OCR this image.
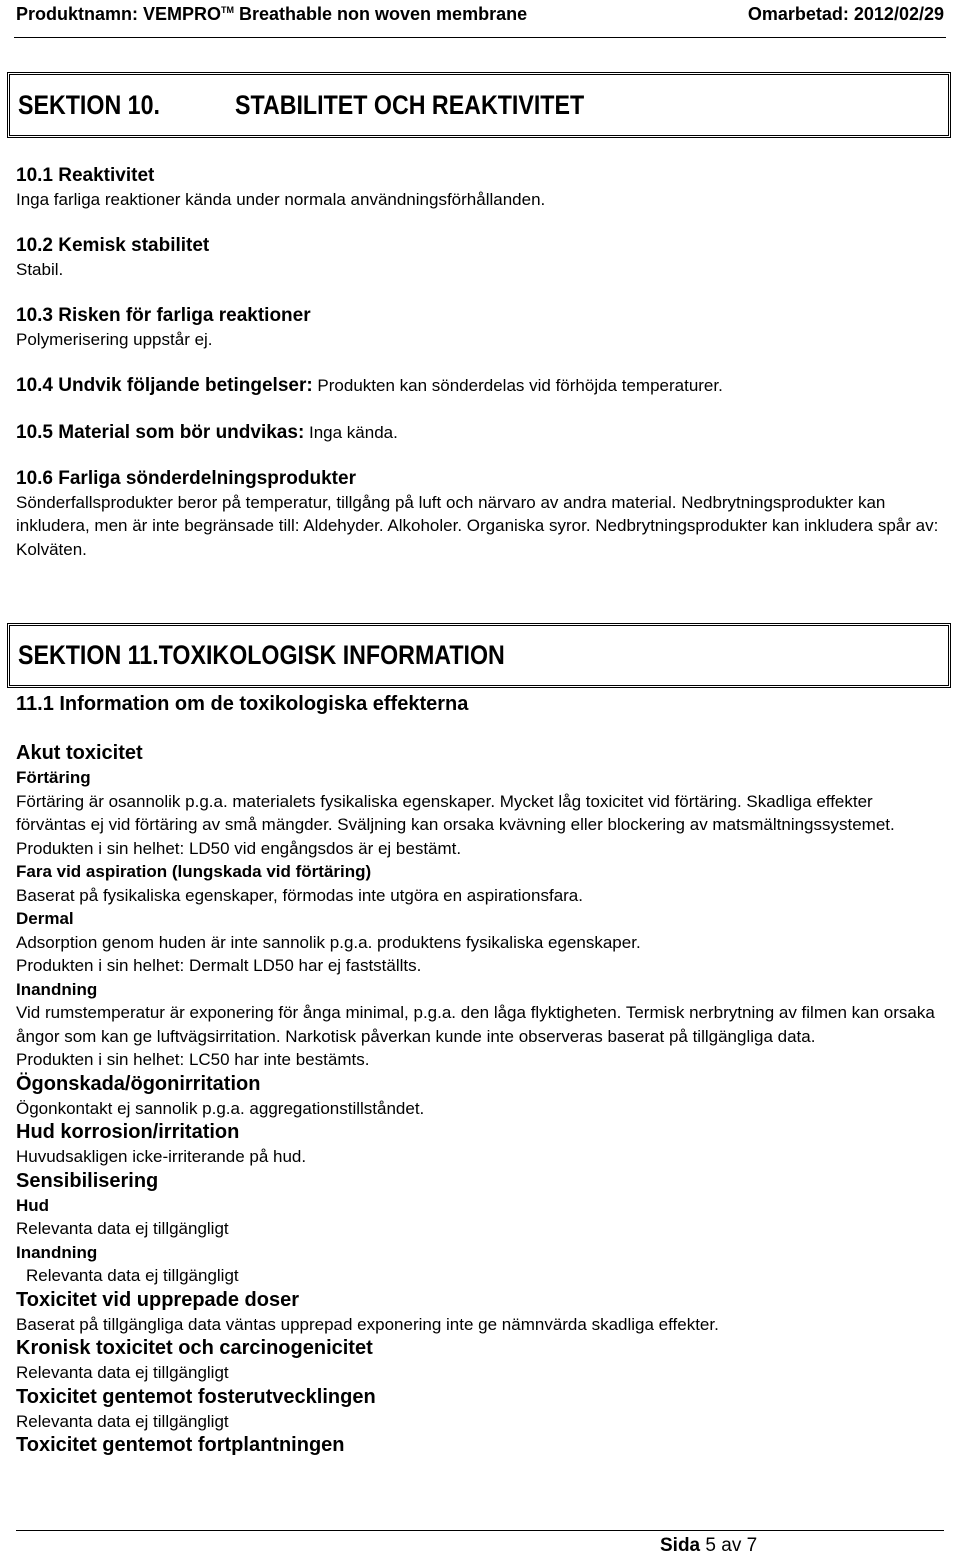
Produktnamn: VEMPRO™ Breathable non woven membrane	Omarbetad: 2012/02/29
SEKTION 10.	STABILITET OCH REAKTIVITET

10.1 Reaktivitet

Inga farliga reaktioner kända under normala användningsförhållanden.

10.2 Kemisk stabilitet

Stabil.

10.3 Risken för farliga reaktioner

Polymerisering uppstår ej.

10.4 Undvik följande betingelser: Produkten kan sönderdelas vid förhöjda temperaturer.

10.5 Material som bör undvikas: Inga kända.

10.6 Farliga sönderdelningsprodukter

Sönderfallsprodukter beror på temperatur, tillgång på luft och närvaro av andra material. Nedbrytningsprodukter kan inkludera, men är inte begränsade till: Aldehyder. Alkoholer. Organiska syror. Nedbrytningsprodukter kan inkludera spår av: Kolväten.

SEKTION 11.TOXIKOLOGISK INFORMATION

11.1 Information om de toxikologiska effekterna

Akut toxicitet

Förtäring

Förtäring är osannolik p.g.a. materialets fysikaliska egenskaper. Mycket låg toxicitet vid förtäring. Skadliga effekter förväntas ej vid förtäring av små mängder. Sväljning kan orsaka kvävning eller blockering av matsmältningssystemet.

Produkten i sin helhet: LD50 vid engångsdos är ej bestämt.

Fara vid aspiration (lungskada vid förtäring)

Baserat på fysikaliska egenskaper, förmodas inte utgöra en aspirationsfara.

Dermal

Adsorption genom huden är inte sannolik p.g.a. produktens fysikaliska egenskaper.

Produkten i sin helhet: Dermalt LD50 har ej fastställts.

Inandning

Vid rumstemperatur är exponering för ånga minimal, p.g.a. den låga flyktigheten. Termisk nerbrytning av filmen kan orsaka ångor som kan ge luftvägsirritation. Narkotisk påverkan kunde inte observeras baserat på tillgängliga data.

Produkten i sin helhet: LC50 har inte bestämts.

Ögonskada/ögonirritation

Ögonkontakt ej sannolik p.g.a. aggregationstillståndet.

Hud korrosion/irritation

Huvudsakligen icke-irriterande på hud.

Sensibilisering

Hud

Relevanta data ej tillgängligt

Inandning

Relevanta data ej tillgängligt

Toxicitet vid upprepade doser

Baserat på tillgängliga data väntas upprepad exponering inte ge nämnvärda skadliga effekter.

Kronisk toxicitet och carcinogenicitet

Relevanta data ej tillgängligt

Toxicitet gentemot fosterutvecklingen

Relevanta data ej tillgängligt

Toxicitet gentemot fortplantningen

Sida 5 av 7
